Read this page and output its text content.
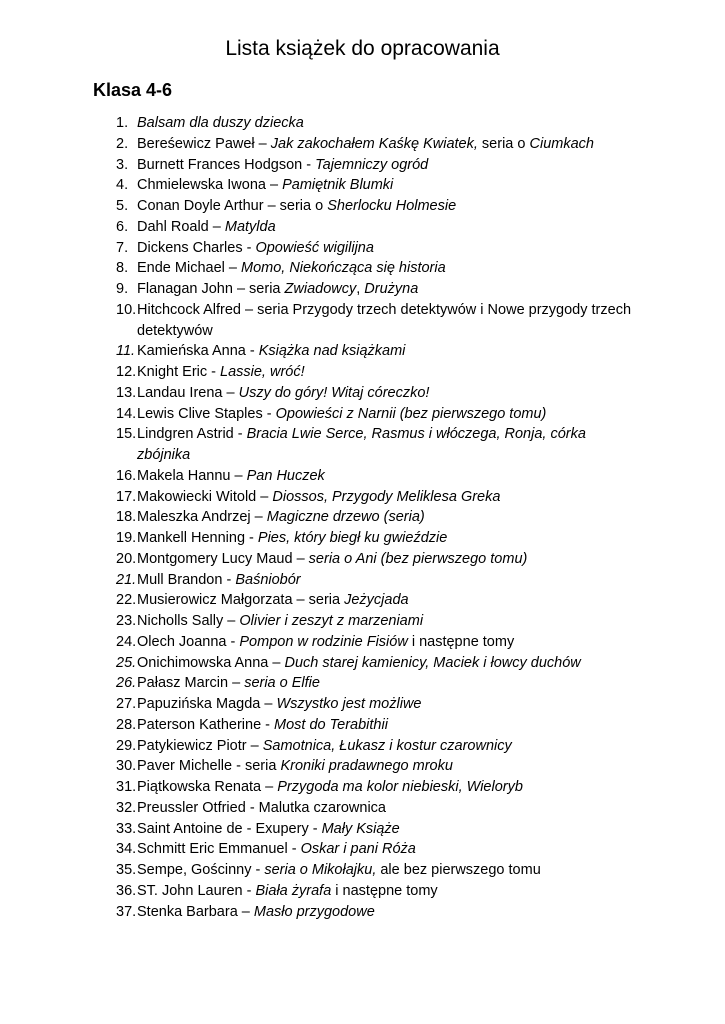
Lista książek do opracowania
Klasa 4-6
1. Balsam dla duszy dziecka
2. Bereśewicz Paweł – Jak zakochałem Kaśkę Kwiatek, seria o Ciumkach
3. Burnett Frances Hodgson - Tajemniczy ogród
4. Chmielewska Iwona – Pamiętnik Blumki
5. Conan Doyle Arthur – seria o Sherlocku Holmesie
6. Dahl Roald – Matylda
7. Dickens Charles - Opowieść wigilijna
8. Ende Michael – Momo, Niekończąca się historia
9. Flanagan John – seria Zwiadowcy, Drużyna
10. Hitchcock Alfred – seria Przygody trzech detektywów i Nowe przygody trzech detektywów
11. Kamieńska Anna - Książka nad książkami
12. Knight Eric - Lassie, wróć!
13. Landau Irena – Uszy do góry! Witaj córeczko!
14. Lewis Clive Staples - Opowieści z Narnii (bez pierwszego tomu)
15. Lindgren Astrid - Bracia Lwie Serce, Rasmus i włóczega, Ronja, córka zbójnika
16. Makela Hannu – Pan Huczek
17. Makowiecki Witold – Diossos, Przygody Meliklesa Greka
18. Maleszka Andrzej – Magiczne drzewo (seria)
19. Mankell Henning - Pies, który biegł ku gwieździe
20. Montgomery Lucy Maud – seria o Ani (bez pierwszego tomu)
21. Mull Brandon - Baśniobór
22. Musierowicz Małgorzata – seria Jeżycjada
23. Nicholls Sally – Olivier i zeszyt z marzeniami
24. Olech Joanna - Pompon w rodzinie Fisiów i następne tomy
25. Onichimowska Anna – Duch starej kamienicy, Maciek i łowcy duchów
26. Pałasz Marcin – seria o Elfie
27. Papuzińska Magda – Wszystko jest możliwe
28. Paterson Katherine - Most do Terabithii
29. Patykiewicz Piotr – Samotnica, Łukasz i kostur czarownicy
30. Paver Michelle - seria Kroniki pradawnego mroku
31. Piątkowska Renata – Przygoda ma kolor niebieski, Wieloryb
32. Preussler Otfried - Malutka czarownica
33. Saint Antoine de - Exupery - Mały Książe
34. Schmitt Eric Emmanuel - Oskar i pani Róża
35. Sempe, Gościnny - seria o Mikołajku, ale bez pierwszego tomu
36. ST. John Lauren - Biała żyrafa i następne tomy
37. Stenka Barbara – Masło przygodowe
